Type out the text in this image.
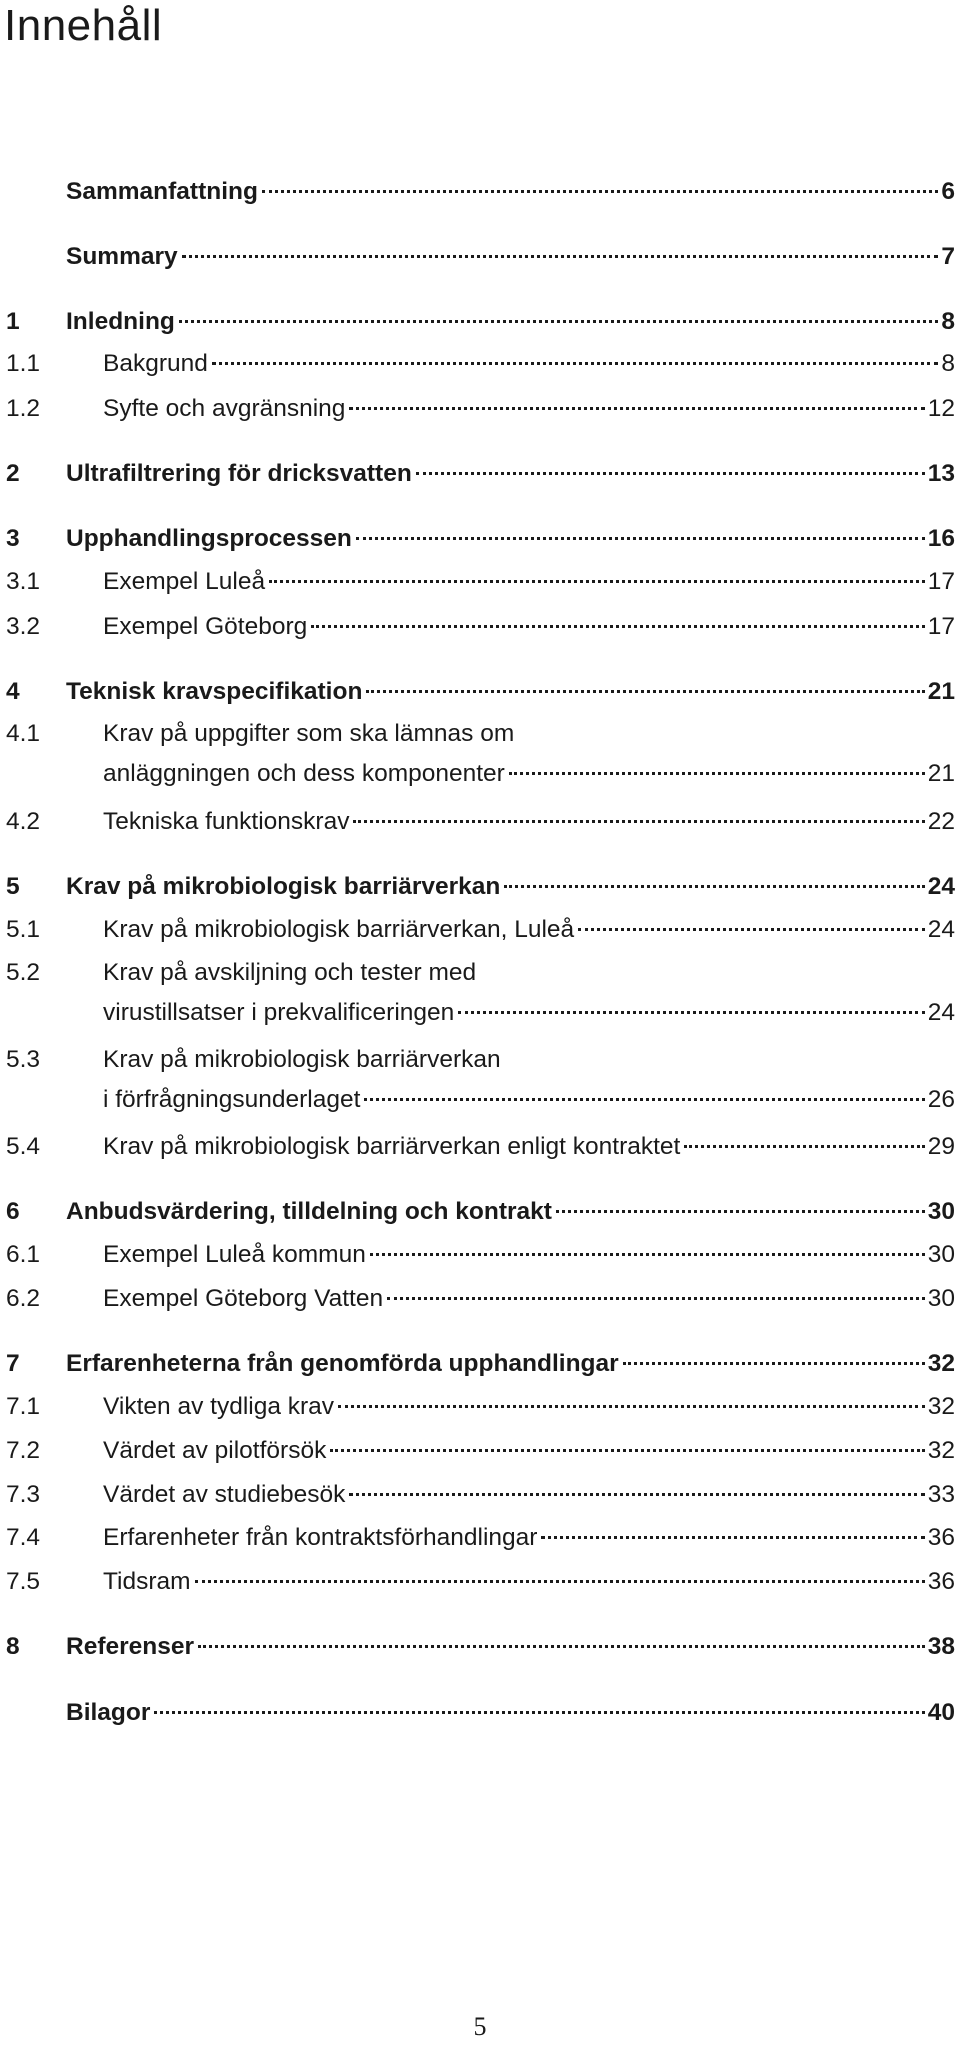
Innehåll
Sammanfattning	6
Summary	7
1 Inledning	8
1.1	Bakgrund	8
1.2	Syfte och avgränsning	12
2 Ultrafiltrering för dricksvatten	13
3 Upphandlingsprocessen	16
3.1	Exempel Luleå	17
3.2	Exempel Göteborg	17
4 Teknisk kravspecifikation	21
4.1	Krav på uppgifter som ska lämnas om
anläggningen och dess komponenter	21
4.2	Tekniska funktionskrav	22
5 Krav på mikrobiologisk barriärverkan	24
5.1	Krav på mikrobiologisk barriärverkan, Luleå	24
5.2	Krav på avskiljning och tester med
virustillsatser i prekvalificeringen	24
5.3	Krav på mikrobiologisk barriärverkan
i förfrågningsunderlaget	26
5.4	Krav på mikrobiologisk barriärverkan enligt kontraktet	29
6 Anbudsvärdering, tilldelning och kontrakt	30
6.1	Exempel Luleå kommun	30
6.2	Exempel Göteborg Vatten	30
7 Erfarenheterna från genomförda upphandlingar	32
7.1	Vikten av tydliga krav	32
7.2	Värdet av pilotförsök	32
7.3	Värdet av studiebesök	33
7.4	Erfarenheter från kontraktsförhandlingar	36
7.5	Tidsram	36
8 Referenser	38
Bilagor	40
5
